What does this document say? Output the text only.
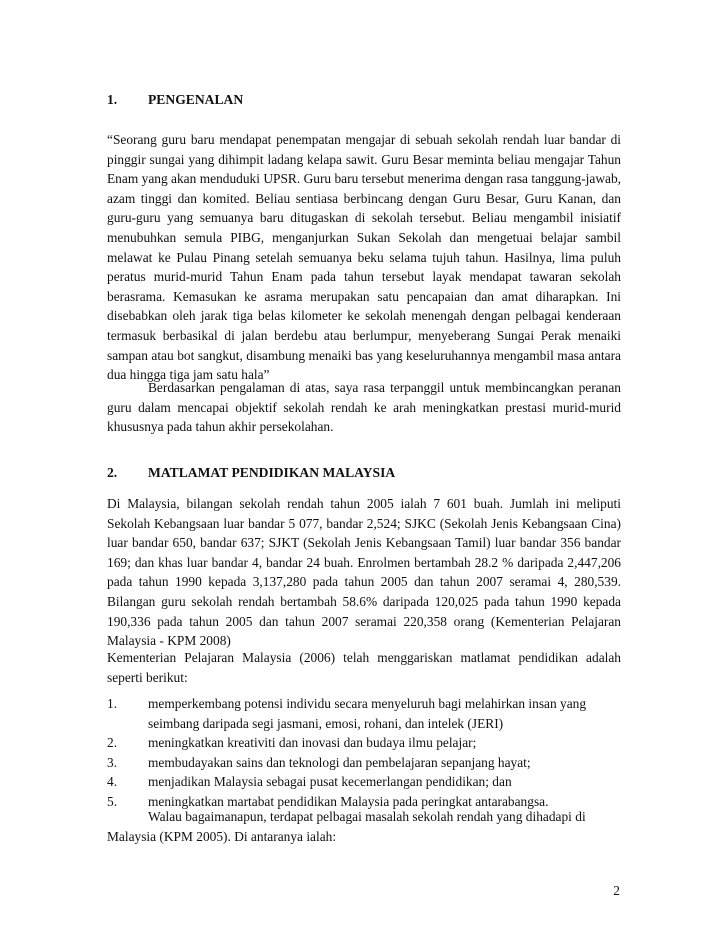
1. PENGENALAN
“Seorang guru baru mendapat penempatan mengajar di sebuah sekolah rendah luar bandar di pinggir sungai yang dihimpit ladang kelapa sawit. Guru Besar meminta beliau mengajar Tahun Enam yang akan menduduki UPSR. Guru baru tersebut menerima dengan rasa tanggung-jawab, azam tinggi dan komited. Beliau sentiasa berbincang dengan Guru Besar, Guru Kanan, dan guru-guru yang semuanya baru ditugaskan di sekolah tersebut. Beliau mengambil inisiatif menubuhkan semula PIBG, menganjurkan Sukan Sekolah dan mengetuai belajar sambil melawat ke Pulau Pinang setelah semuanya beku selama tujuh tahun. Hasilnya, lima puluh peratus murid-murid Tahun Enam pada tahun tersebut layak mendapat tawaran sekolah berasrama. Kemasukan ke asrama merupakan satu pencapaian dan amat diharapkan. Ini disebabkan oleh jarak tiga belas kilometer ke sekolah menengah dengan pelbagai kenderaan termasuk berbasikal di jalan berdebu atau berlumpur, menyeberang Sungai Perak menaiki sampan atau bot sangkut, disambung menaiki bas yang keseluruhannya mengambil masa antara dua hingga tiga jam satu hala”
Berdasarkan pengalaman di atas, saya rasa terpanggil untuk membincangkan peranan guru dalam mencapai objektif sekolah rendah ke arah meningkatkan prestasi murid-murid khususnya pada tahun akhir persekolahan.
2. MATLAMAT PENDIDIKAN MALAYSIA
Di Malaysia, bilangan sekolah rendah tahun 2005 ialah 7 601 buah. Jumlah ini meliputi Sekolah Kebangsaan luar bandar 5 077, bandar 2,524; SJKC (Sekolah Jenis Kebangsaan Cina) luar bandar 650, bandar 637; SJKT (Sekolah Jenis Kebangsaan Tamil) luar bandar 356 bandar 169; dan khas luar bandar 4, bandar 24 buah. Enrolmen bertambah 28.2 % daripada 2,447,206 pada tahun 1990 kepada 3,137,280 pada tahun 2005 dan tahun 2007 seramai 4, 280,539. Bilangan guru sekolah rendah bertambah 58.6% daripada 120,025 pada tahun 1990 kepada 190,336 pada tahun 2005 dan tahun 2007 seramai 220,358 orang (Kementerian Pelajaran Malaysia - KPM 2008)
Kementerian Pelajaran Malaysia (2006) telah menggariskan matlamat pendidikan adalah seperti berikut:
1. memperkembang potensi individu secara menyeluruh bagi melahirkan insan yang seimbang daripada segi jasmani, emosi, rohani, dan intelek (JERI)
2. meningkatkan kreativiti dan inovasi dan budaya ilmu pelajar;
3. membudayakan sains dan teknologi dan pembelajaran sepanjang hayat;
4. menjadikan Malaysia sebagai pusat kecemerlangan pendidikan; dan
5. meningkatkan martabat pendidikan Malaysia pada peringkat antarabangsa.
Walau bagaimanapun, terdapat pelbagai masalah sekolah rendah yang dihadapi di Malaysia (KPM 2005). Di antaranya ialah:
2
